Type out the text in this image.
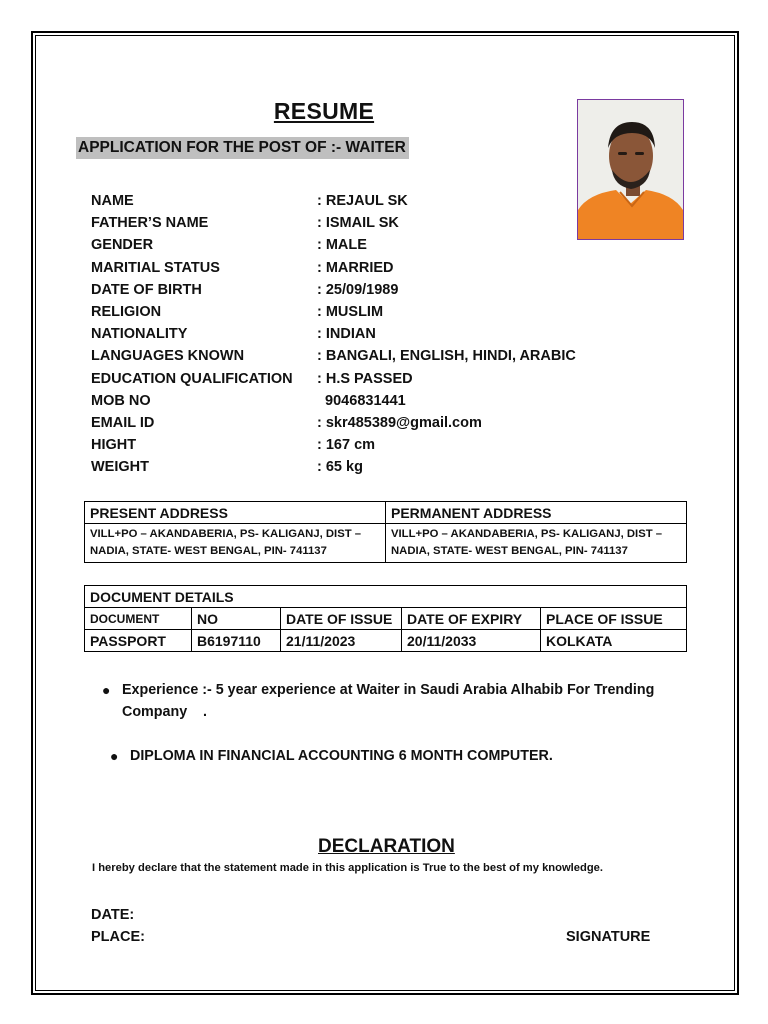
RESUME
APPLICATION FOR THE POST OF :- WAITER
NAME	: REJAUL SK
FATHER’S NAME	: ISMAIL SK
GENDER	: MALE
MARITIAL STATUS	: MARRIED
DATE OF BIRTH	: 25/09/1989
RELIGION	: MUSLIM
NATIONALITY	: INDIAN
LANGUAGES KNOWN	: BANGALI, ENGLISH, HINDI, ARABIC
EDUCATION QUALIFICATION : H.S PASSED
MOB NO	9046831441
EMAIL ID	: skr485389@gmail.com
HIGHT	: 167 cm
WEIGHT	: 65 kg
PRESENT ADDRESS	PERMANENT ADDRESS
VILL+PO – AKANDABERIA, PS- KALIGANJ, DIST – NADIA, STATE- WEST BENGAL, PIN- 741137	VILL+PO – AKANDABERIA, PS- KALIGANJ, DIST – NADIA, STATE- WEST BENGAL, PIN- 741137
DOCUMENT DETAILS				
DOCUMENT	NO	DATE OF ISSUE	DATE OF EXPIRY	PLACE OF ISSUE
PASSPORT	B6197110	21/11/2023	20/11/2033	KOLKATA
● Experience :- 5 year experience at Waiter in Saudi Arabia Alhabib For Trending Company    .
● DIPLOMA IN FINANCIAL ACCOUNTING 6 MONTH COMPUTER.
DECLARATION
I hereby declare that the statement made in this application is True to the best of my knowledge.
DATE:
PLACE:	SIGNATURE
